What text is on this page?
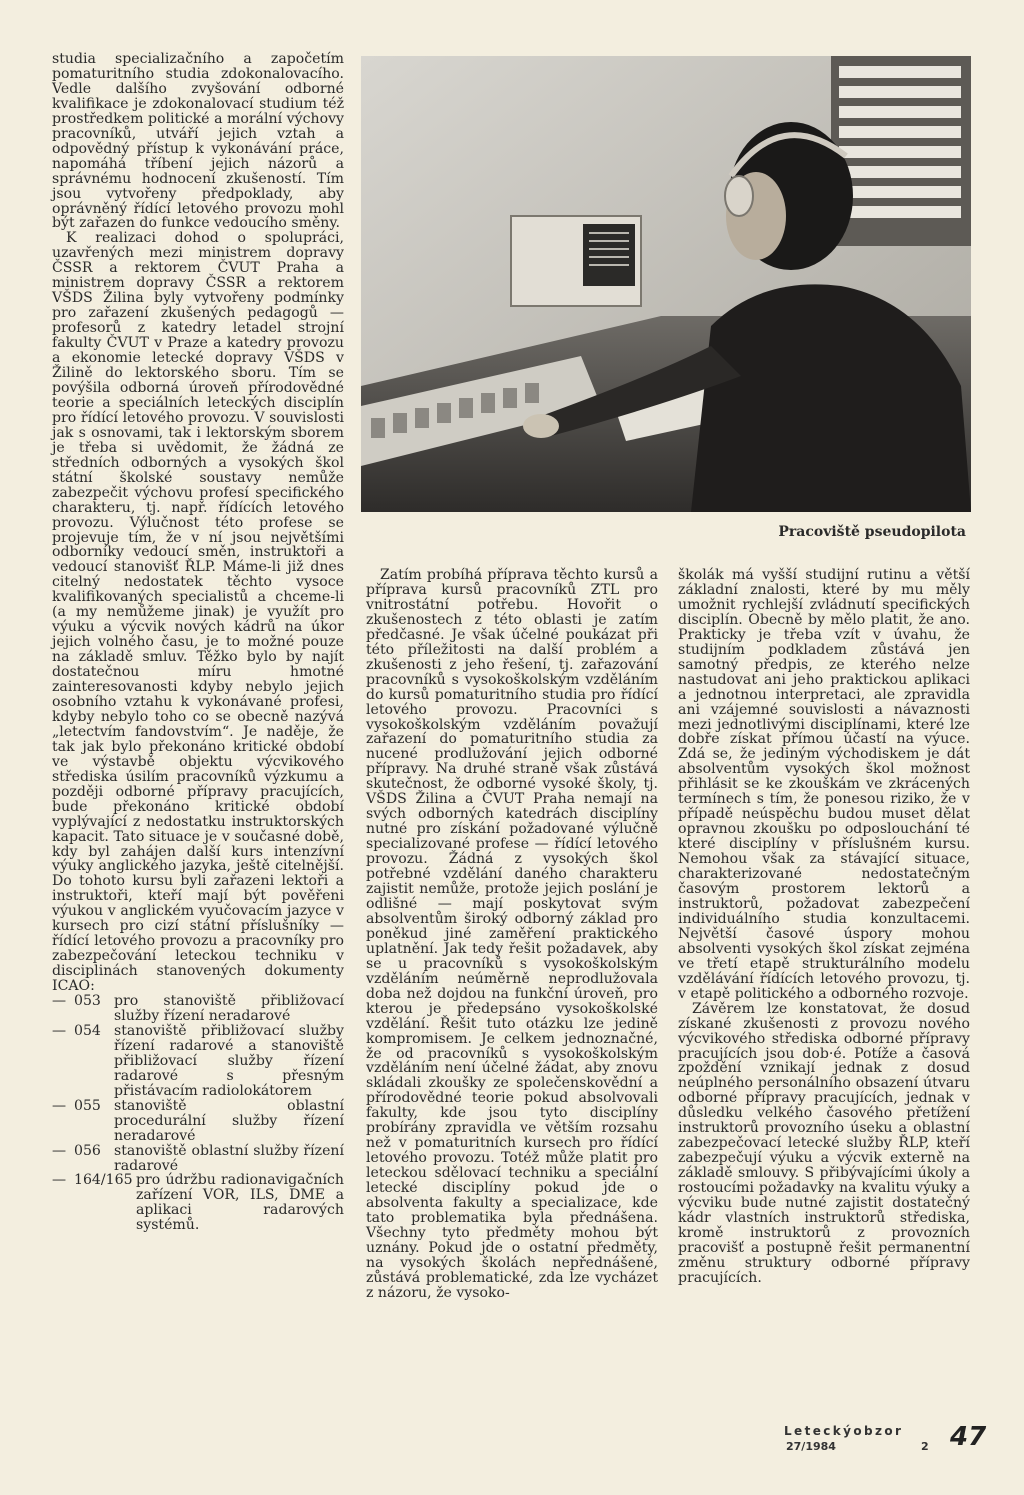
Pracoviště pseudopilota

studia specializačního a započetím pomaturitního studia zdokonalovacího. Vedle dalšího zvyšování odborné kvalifikace je zdokonalovací studium též prostředkem politické a morální výchovy pracovníků, utváří jejich vztah a odpovědný přístup k vykonávání práce, napomáhá tříbení jejich názorů a správnému hodnocení zkušeností. Tím jsou vytvořeny předpoklady, aby oprávněný řídící letového provozu mohl být zařazen do funkce vedoucího směny.

K realizaci dohod o spolupráci, uzavřených mezi ministrem dopravy ČSSR a rektorem ČVUT Praha a ministrem dopravy ČSSR a rektorem VŠDS Žilina byly vytvořeny podmínky pro zařazení zkušených pedagogů — profesorů z katedry letadel strojní fakulty ČVUT v Praze a katedry provozu a ekonomie letecké dopravy VŠDS v Žilině do lektorského sboru. Tím se povýšila odborná úroveň přírodovědné teorie a speciálních leteckých disciplín pro řídící letového provozu. V souvislosti jak s osnovami, tak i lektorským sborem je třeba si uvědomit, že žádná ze středních odborných a vysokých škol státní školské soustavy nemůže zabezpečit výchovu profesí specifického charakteru, tj. např. řídících letového provozu. Výlučnost této profese se projevuje tím, že v ní jsou největšími odborníky vedoucí směn, instruktoři a vedoucí stanovišť ŘLP. Máme-li již dnes citelný nedostatek těchto vysoce kvalifikovaných specialistů a chceme-li (a my nemůžeme jinak) je využít pro výuku a výcvik nových kádrů na úkor jejich volného času, je to možné pouze na základě smluv. Těžko bylo by najít dostatečnou míru hmotné zainteresovanosti kdyby nebylo jejich osobního vztahu k vykonávané profesi, kdyby nebylo toho co se obecně nazývá „letectvím fandovstvím“. Je naděje, že tak jak bylo překonáno kritické období ve výstavbě objektu výcvikového střediska úsilím pracovníků výzkumu a později odborné přípravy pracujících, bude překonáno kritické období vyplývající z nedostatku instruktorských kapacit. Tato situace je v současné době, kdy byl zahájen další kurs intenzívní výuky anglického jazyka, ještě citelnější. Do tohoto kursu byli zařazeni lektoři a instruktoři, kteří mají být pověřeni výukou v anglickém vyučovacím jazyce v kursech pro cizí státní příslušníky — řídící letového provozu a pracovníky pro zabezpečování leteckou techniku v disciplinách stanovených dokumenty ICAO:

— 053 pro stanoviště přibližovací služby řízení neradarové
— 054 stanoviště přibližovací služby řízení radarové a stanoviště přibližovací služby řízení radarové s přesným přistávacím radiolokátorem
— 055 stanoviště oblastní procedurální služby řízení neradarové
— 056 stanoviště oblastní služby řízení radarové
— 164/165 pro údržbu radionavigačních zařízení VOR, ILS, DME a aplikaci radarových systémů.

Zatím probíhá příprava těchto kursů a příprava kursů pracovníků ZTL pro vnitrostátní potřebu. Hovořit o zkušenostech z této oblasti je zatím předčasné. Je však účelné poukázat při této příležitosti na další problém a zkušenosti z jeho řešení, tj. zařazování pracovníků s vysokoškolským vzděláním do kursů pomaturitního studia pro řídící letového provozu. Pracovníci s vysokoškolským vzděláním považují zařazení do pomaturitního studia za nucené prodlužování jejich odborné přípravy. Na druhé straně však zůstává skutečnost, že odborné vysoké školy, tj. VŠDS Žilina a ČVUT Praha nemají na svých odborných katedrách disciplíny nutné pro získání požadované výlučně specializované profese — řídící letového provozu. Žádná z vysokých škol potřebné vzdělání daného charakteru zajistit nemůže, protože jejich poslání je odlišné — mají poskytovat svým absolventům široký odborný základ pro poněkud jiné zaměření praktického uplatnění. Jak tedy řešit požadavek, aby se u pracovníků s vysokoškolským vzděláním neúměrně neprodlužovala doba než dojdou na funkční úroveň, pro kterou je předepsáno vysokoškolské vzdělání. Řešit tuto otázku lze jedině kompromisem. Je celkem jednoznačné, že od pracovníků s vysokoškolským vzděláním není účelné žádat, aby znovu skládali zkoušky ze společenskovědní a přírodovědné teorie pokud absolvovali fakulty, kde jsou tyto disciplíny probírány zpravidla ve větším rozsahu než v pomaturitních kursech pro řídící letového provozu. Totéž může platit pro leteckou sdělovací techniku a speciální letecké disciplíny pokud jde o absolventa fakulty a specializace, kde tato problematika byla přednášena. Všechny tyto předměty mohou být uznány. Pokud jde o ostatní předměty, na vysokých školách nepřednášené, zůstává problematické, zda lze vycházet z názoru, že vysoko-

školák má vyšší studijní rutinu a větší základní znalosti, které by mu měly umožnit rychlejší zvládnutí specifických disciplín. Obecně by mělo platit, že ano. Prakticky je třeba vzít v úvahu, že studijním podkladem zůstává jen samotný předpis, ze kterého nelze nastudovat ani jeho praktickou aplikaci a jednotnou interpretaci, ale zpravidla ani vzájemné souvislosti a návaznosti mezi jednotlivými disciplínami, které lze dobře získat přímou účastí na výuce. Zdá se, že jediným východiskem je dát absolventům vysokých škol možnost přihlásit se ke zkouškám ve zkrácených termínech s tím, že ponesou riziko, že v případě neúspěchu budou muset dělat opravnou zkoušku po odposlouchání té které disciplíny v příslušném kursu. Nemohou však za stávající situace, charakterizované nedostatečným časovým prostorem lektorů a instruktorů, požadovat zabezpečení individuálního studia konzultacemi. Největší časové úspory mohou absolventi vysokých škol získat zejména ve třetí etapě strukturálního modelu vzdělávání řídících letového provozu, tj. v etapě politického a odborného rozvoje.

Závěrem lze konstatovat, že dosud získané zkušenosti z provozu nového výcvikového střediska odborné přípravy pracujících jsou dob·é. Potíže a časová zpoždění vznikají jednak z dosud neúplného personálního obsazení útvaru odborné přípravy pracujících, jednak v důsledku velkého časového přetížení instruktorů provozního úseku a oblastní zabezpečovací letecké služby ŘLP, kteří zabezpečují výuku a výcvik externě na základě smlouvy. S přibývajícími úkoly a rostoucími požadavky na kvalitu výuky a výcviku bude nutné zajistit dostatečný kádr vlastních instruktorů střediska, kromě instruktorů z provozních pracovišť a postupně řešit permanentní změnu struktury odborné přípravy pracujících.

Leteckýobzor
27/1984	2 47
